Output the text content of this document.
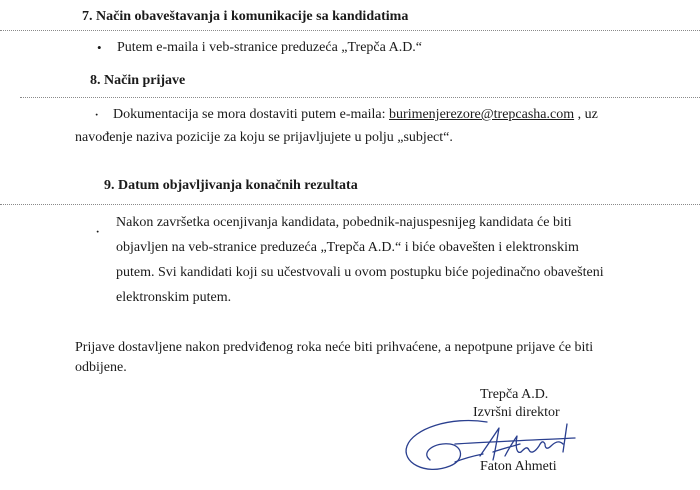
7. Način obaveštavanja i komunikacije sa kandidatima
• Putem e-maila i veb-stranice preduzeća „Trepča A.D.“
8. Način prijave
· Dokumentacija se mora dostaviti putem e-maila: burimenjerezore@trepcasha.com , uz
navođenje naziva pozicije za koju se prijavljujete u polju „subject“.
9. Datum objavljivanja konačnih rezultata
·
Nakon završetka ocenjivanja kandidata, pobednik-najuspesnijeg kandidata će biti
objavljen na veb-stranice preduzeća „Trepča A.D.“ i biće obavešten i elektronskim
putem. Svi kandidati koji su učestvovali u ovom postupku biće pojedinačno obavešteni
elektronskim putem.
Prijave dostavljene nakon predviđenog roka neće biti prihvaćene, a nepotpune prijave će biti
odbijene.
Trepča A.D.
Izvršni direktor
Faton Ahmeti
